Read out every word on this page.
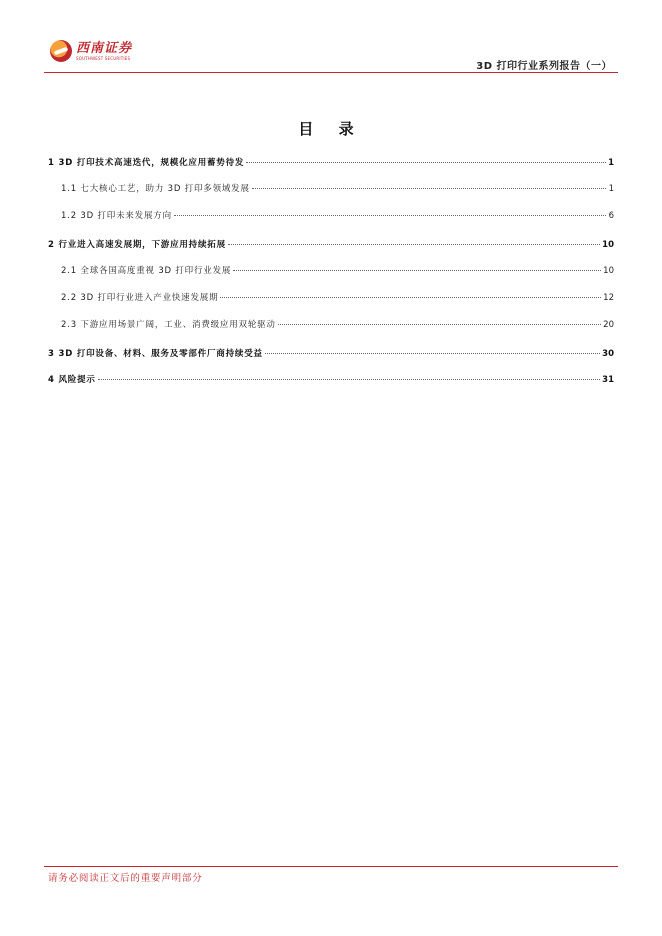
西南证券
SOUTHWEST SECURITIES
3D 打印行业系列报告（一）
目 录
1 3D 打印技术高速迭代，规模化应用蓄势待发	1
1.1 七大核心工艺，助力 3D 打印多领域发展	1
1.2 3D 打印未来发展方向	6
2 行业进入高速发展期，下游应用持续拓展	10
2.1 全球各国高度重视 3D 打印行业发展	10
2.2 3D 打印行业进入产业快速发展期	12
2.3 下游应用场景广阔，工业、消费级应用双轮驱动	20
3 3D 打印设备、材料、服务及零部件厂商持续受益	30
4 风险提示	31
请务必阅读正文后的重要声明部分
